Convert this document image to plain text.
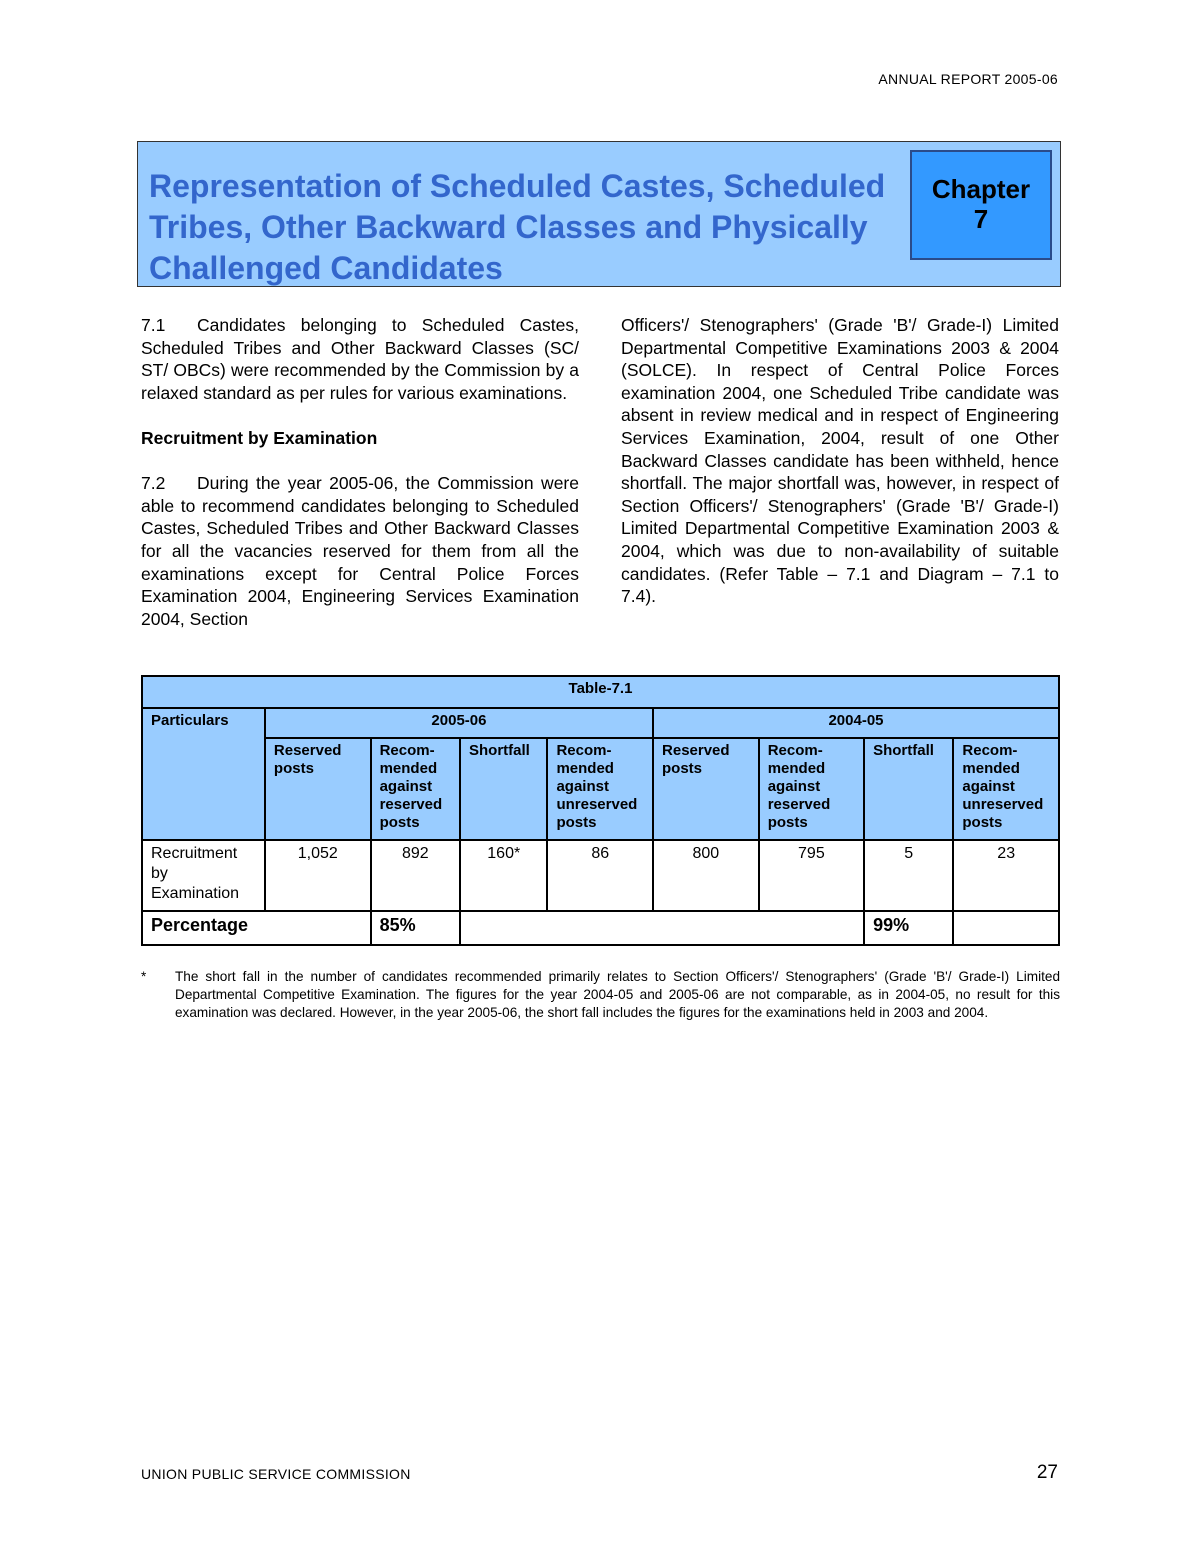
ANNUAL REPORT 2005-06
Representation of Scheduled Castes, Scheduled Tribes, Other Backward Classes and Physically Challenged Candidates
Chapter
7

7.1 Candidates belonging to Scheduled Castes, Scheduled Tribes and Other Backward Classes (SC/ ST/ OBCs) were recommended by the Commission by a relaxed standard as per rules for various examinations.

Recruitment by Examination

7.2 During the year 2005-06, the Commission were able to recommend candidates belonging to Scheduled Castes, Scheduled Tribes and Other Backward Classes for all the vacancies reserved for them from all the examinations except for Central Police Forces Examination 2004, Engineering Services Examination 2004, Section

Officers'/ Stenographers' (Grade 'B'/ Grade-I) Limited Departmental Competitive Examinations 2003 & 2004 (SOLCE). In respect of Central Police Forces examination 2004, one Scheduled Tribe candidate was absent in review medical and in respect of Engineering Services Examination, 2004, result of one Other Backward Classes candidate has been withheld, hence shortfall. The major shortfall was, however, in respect of Section Officers'/ Stenographers' (Grade 'B'/ Grade-I) Limited Departmental Competitive Examination 2003 & 2004, which was due to non-availability of suitable candidates. (Refer Table – 7.1 and Diagram – 7.1 to 7.4).

Table-7.1								
Particulars	2005-06				2004-05			
	Reserved posts	Recom-mended against reserved posts	Shortfall	Recom-mended against unreserved posts	Reserved posts	Recom-mended against reserved posts	Shortfall	Recom-mended against unreserved posts
Recruitment by Examination	1,052	892	160*	86	800	795	5	23
Percentage		85%					99%	
* The short fall in the number of candidates recommended primarily relates to Section Officers'/ Stenographers' (Grade 'B'/ Grade-I) Limited Departmental Competitive Examination. The figures for the year 2004-05 and 2005-06 are not comparable, as in 2004-05, no result for this examination was declared. However, in the year 2005-06, the short fall includes the figures for the examinations held in 2003 and 2004.
UNION PUBLIC SERVICE COMMISSION	27
